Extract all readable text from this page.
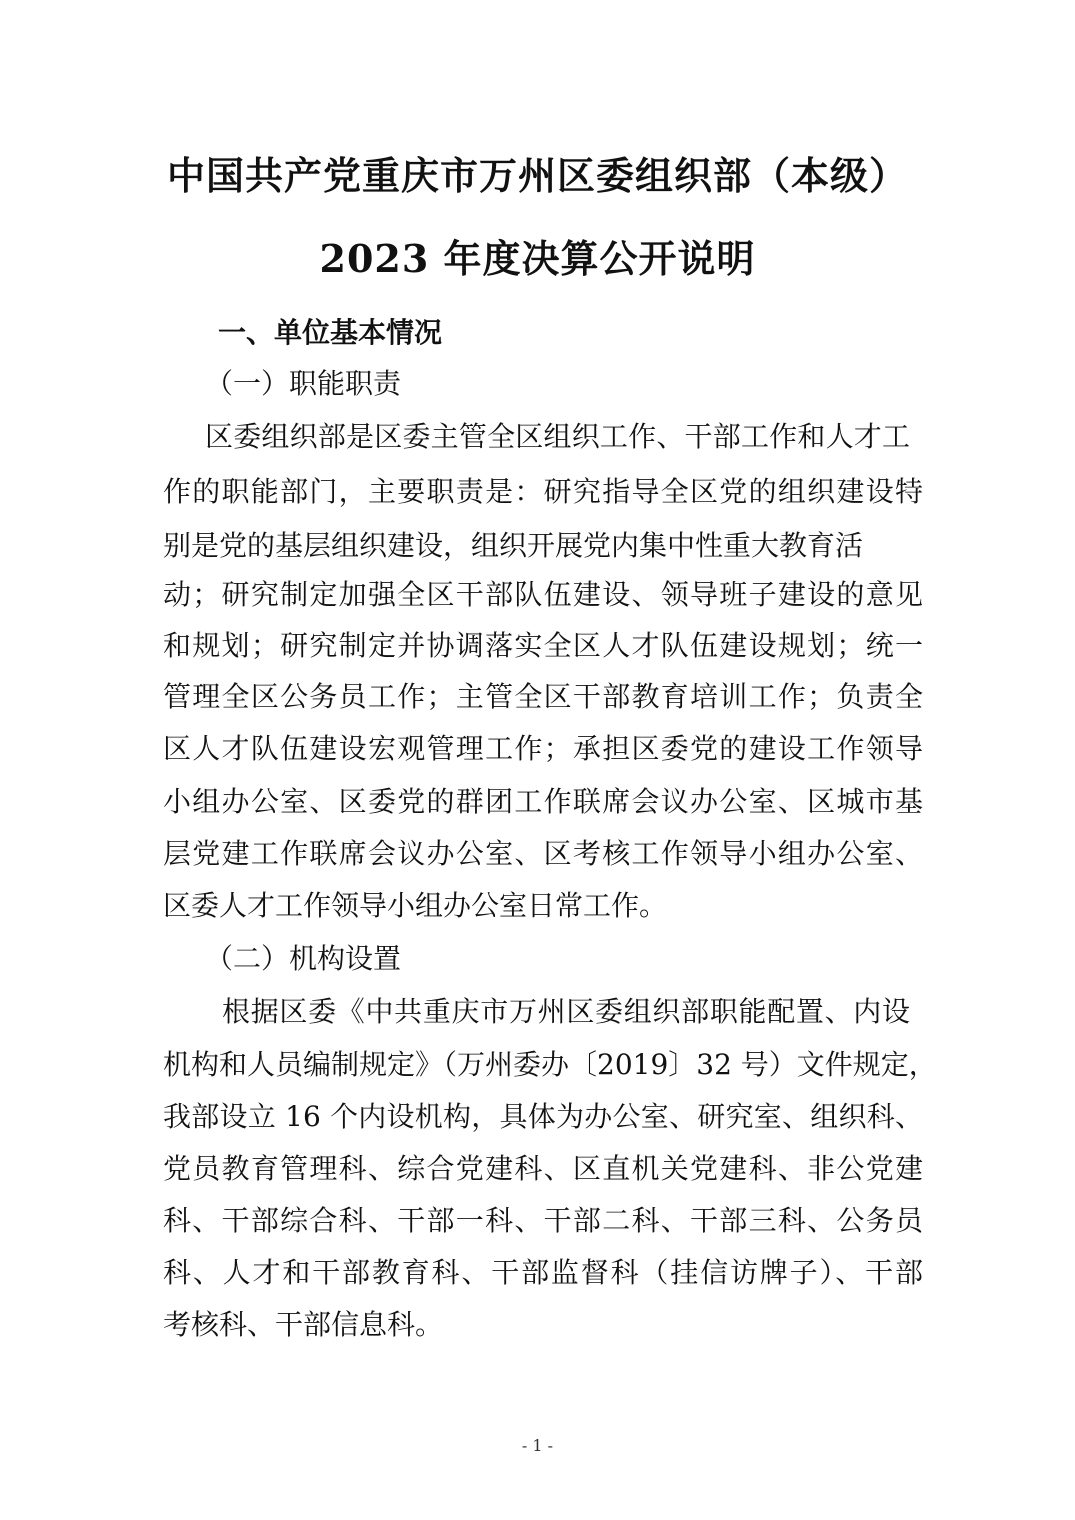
中国共产党重庆市万州区委组织部（本级）
2023 年度决算公开说明

一、单位基本情况

（一）职能职责

区委组织部是区委主管全区组织工作、干部工作和人才工

作的职能部门，主要职责是：研究指导全区党的组织建设特

别是党的基层组织建设，组织开展党内集中性重大教育活

动；研究制定加强全区干部队伍建设、领导班子建设的意见

和规划；研究制定并协调落实全区人才队伍建设规划；统一

管理全区公务员工作；主管全区干部教育培训工作；负责全

区人才队伍建设宏观管理工作；承担区委党的建设工作领导

小组办公室、区委党的群团工作联席会议办公室、区城市基

层党建工作联席会议办公室、区考核工作领导小组办公室、

区委人才工作领导小组办公室日常工作。

（二）机构设置

根据区委《中共重庆市万州区委组织部职能配置、内设

机构和人员编制规定》（万州委办〔2019〕32 号）文件规定，

我部设立 16 个内设机构，具体为办公室、研究室、组织科、

党员教育管理科、综合党建科、区直机关党建科、非公党建

科、干部综合科、干部一科、干部二科、干部三科、公务员

科、人才和干部教育科、干部监督科（挂信访牌子）、干部

考核科、干部信息科。

- 1 -
